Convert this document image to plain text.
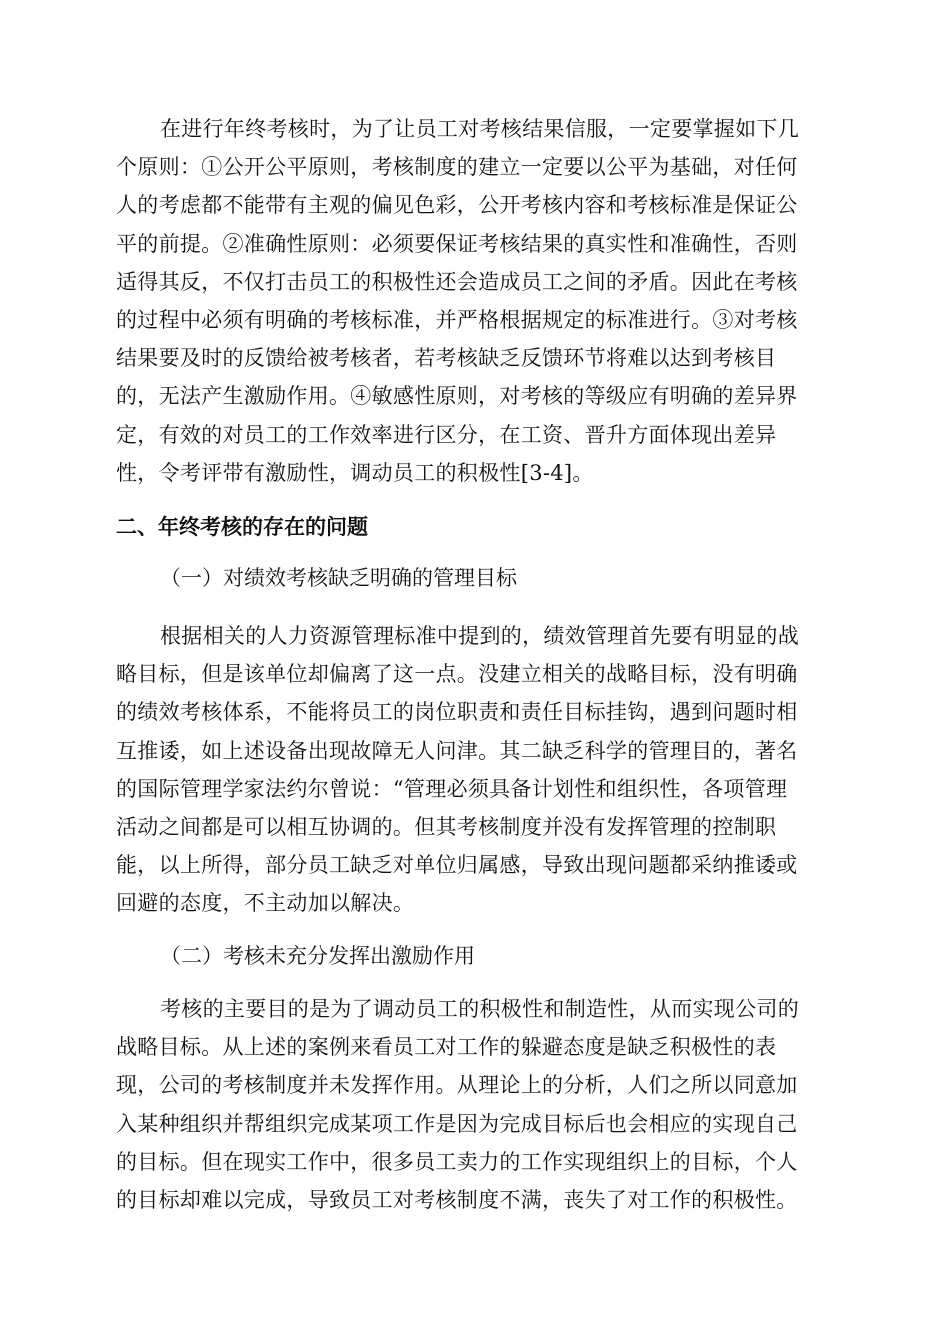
在进行年终考核时，为了让员工对考核结果信服，一定要掌握如下几
个原则：①公开公平原则，考核制度的建立一定要以公平为基础，对任何
人的考虑都不能带有主观的偏见色彩，公开考核内容和考核标准是保证公
平的前提。②准确性原则：必须要保证考核结果的真实性和准确性，否则
适得其反，不仅打击员工的积极性还会造成员工之间的矛盾。因此在考核
的过程中必须有明确的考核标准，并严格根据规定的标准进行。③对考核
结果要及时的反馈给被考核者，若考核缺乏反馈环节将难以达到考核目
的，无法产生激励作用。④敏感性原则，对考核的等级应有明确的差异界
定，有效的对员工的工作效率进行区分，在工资、晋升方面体现出差异
性，令考评带有激励性，调动员工的积极性[3-4]。
二、年终考核的存在的问题
（一）对绩效考核缺乏明确的管理目标
根据相关的人力资源管理标准中提到的，绩效管理首先要有明显的战
略目标，但是该单位却偏离了这一点。没建立相关的战略目标，没有明确
的绩效考核体系，不能将员工的岗位职责和责任目标挂钩，遇到问题时相
互推诿，如上述设备出现故障无人问津。其二缺乏科学的管理目的，著名
的国际管理学家法约尔曾说：“管理必须具备计划性和组织性，各项管理
活动之间都是可以相互协调的。但其考核制度并没有发挥管理的控制职
能，以上所得，部分员工缺乏对单位归属感，导致出现问题都采纳推诿或
回避的态度，不主动加以解决。
（二）考核未充分发挥出激励作用
考核的主要目的是为了调动员工的积极性和制造性，从而实现公司的
战略目标。从上述的案例来看员工对工作的躲避态度是缺乏积极性的表
现，公司的考核制度并未发挥作用。从理论上的分析，人们之所以同意加
入某种组织并帮组织完成某项工作是因为完成目标后也会相应的实现自己
的目标。但在现实工作中，很多员工卖力的工作实现组织上的目标，个人
的目标却难以完成，导致员工对考核制度不满，丧失了对工作的积极性。
